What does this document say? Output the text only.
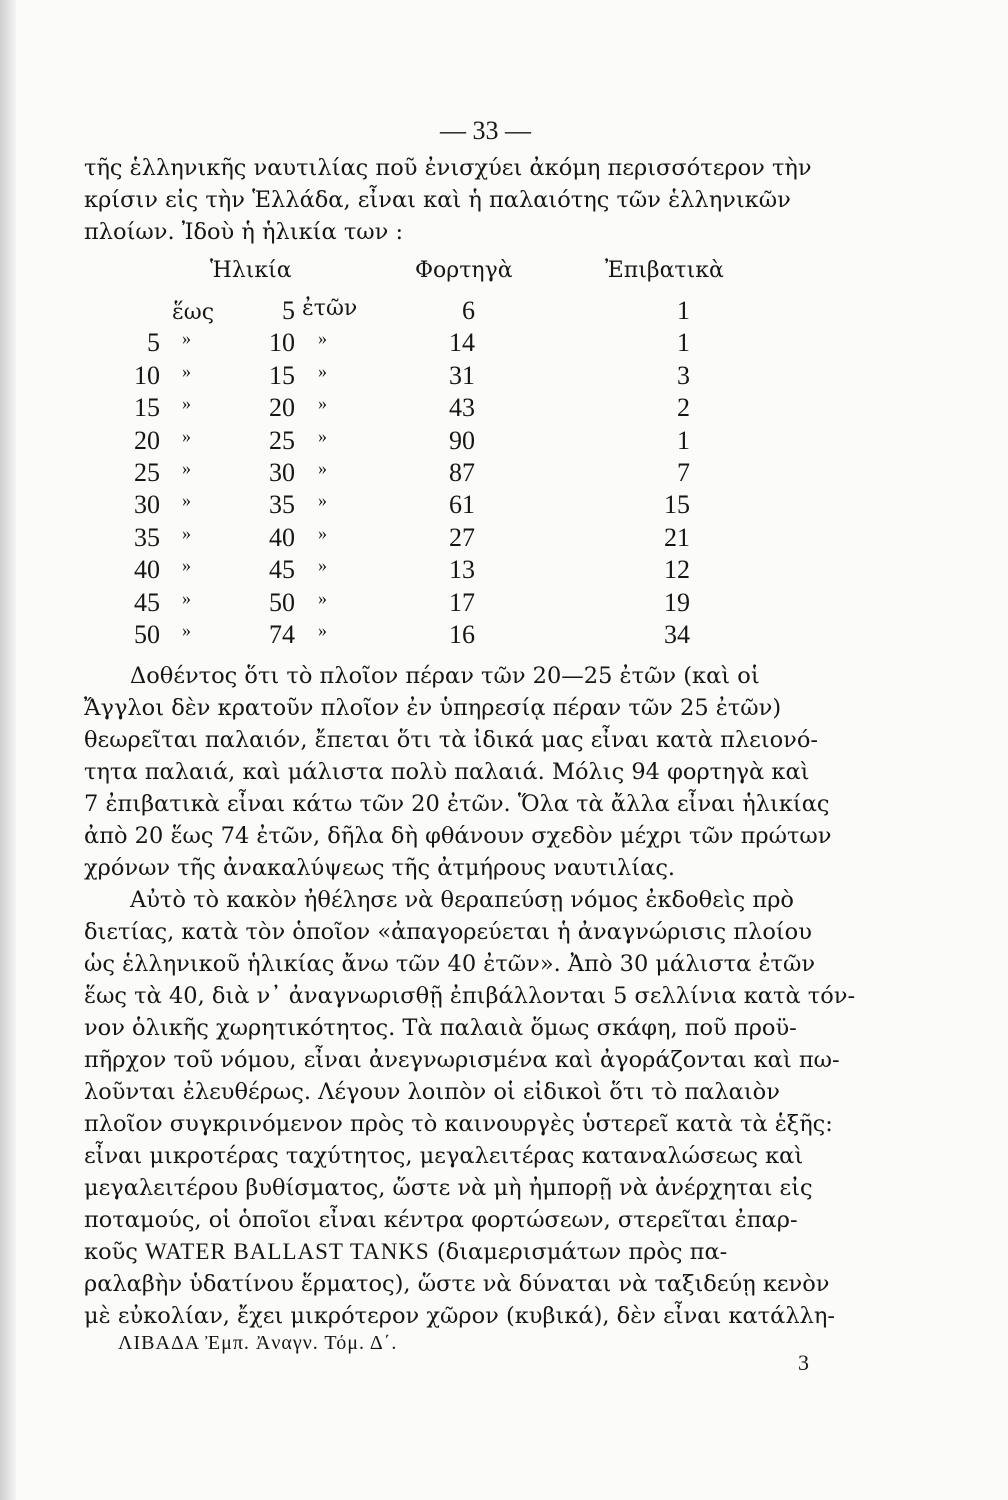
— 33 —

τῆς ἑλληνικῆς ναυτιλίας ποῦ ἐνισχύει ἀκόμη περισσότερον τὴν

κρίσιν εἰς τὴν Ἑλλάδα, εἶναι καὶ ἡ παλαιότης τῶν ἑλληνικῶν

πλοίων. Ἰδοὺ ἡ ἡλικία των :

Ἡλικία	Φορτηγὰ	Ἐπιβατικὰ
ἕως	5 ἐτῶν	6	1
5 »	10 »	14	1
10 »	15 »	31	3
15 »	20 »	43	2
20 »	25 »	90	1
25 »	30 »	87	7
30 »	35 »	61	15
35 »	40 »	27	21
40 »	45 »	13	12
45 »	50 »	17	19
50 »	74 »	16	34

Δοθέντος ὅτι τὸ πλοῖον πέραν τῶν 20—25 ἐτῶν (καὶ οἱ

Ἄγγλοι δὲν κρατοῦν πλοῖον ἐν ὑπηρεσίᾳ πέραν τῶν 25 ἐτῶν)

θεωρεῖται παλαιόν, ἔπεται ὅτι τὰ ἰδικά μας εἶναι κατὰ πλειονό-

τητα παλαιά, καὶ μάλιστα πολὺ παλαιά. Μόλις 94 φορτηγὰ καὶ

7 ἐπιβατικὰ εἶναι κάτω τῶν 20 ἐτῶν. Ὅλα τὰ ἄλλα εἶναι ἡλικίας

ἀπὸ 20 ἕως 74 ἐτῶν, δῆλα δὴ φθάνουν σχεδὸν μέχρι τῶν πρώτων

χρόνων τῆς ἀνακαλύψεως τῆς ἀτμήρους ναυτιλίας.

Αὐτὸ τὸ κακὸν ἠθέλησε νὰ θεραπεύσῃ νόμος ἐκδοθεὶς πρὸ

διετίας, κατὰ τὸν ὁποῖον «ἀπαγορεύεται ἡ ἀναγνώρισις πλοίου

ὡς ἑλληνικοῦ ἡλικίας ἄνω τῶν 40 ἐτῶν». Ἀπὸ 30 μάλιστα ἐτῶν

ἕως τὰ 40, διὰ ν᾿ ἀναγνωρισθῇ ἐπιβάλλονται 5 σελλίνια κατὰ τόν-

νον ὁλικῆς χωρητικότητος. Τὰ παλαιὰ ὅμως σκάφη, ποῦ προϋ-

πῆρχον τοῦ νόμου, εἶναι ἀνεγνωρισμένα καὶ ἀγοράζονται καὶ πω-

λοῦνται ἐλευθέρως. Λέγουν λοιπὸν οἱ εἰδικοὶ ὅτι τὸ παλαιὸν

πλοῖον συγκρινόμενον πρὸς τὸ καινουργὲς ὑστερεῖ κατὰ τὰ ἑξῆς:

εἶναι μικροτέρας ταχύτητος, μεγαλειτέρας καταναλώσεως καὶ

μεγαλειτέρου βυθίσματος, ὥστε νὰ μὴ ἠμπορῇ νὰ ἀνέρχηται εἰς

ποταμούς, οἱ ὁποῖοι εἶναι κέντρα φορτώσεων, στερεῖται ἐπαρ-

κοῦς WATER BALLAST TANKS (διαμερισμάτων πρὸς πα-

ραλαβὴν ὑδατίνου ἕρματος), ὥστε νὰ δύναται νὰ ταξιδεύῃ κενὸν

μὲ εὐκολίαν, ἔχει μικρότερον χῶρον (κυβικά), δὲν εἶναι κατάλλη-

ΛΙΒΑΔΑ Ἐμπ. Ἀναγν. Τόμ. Δ΄.
3
